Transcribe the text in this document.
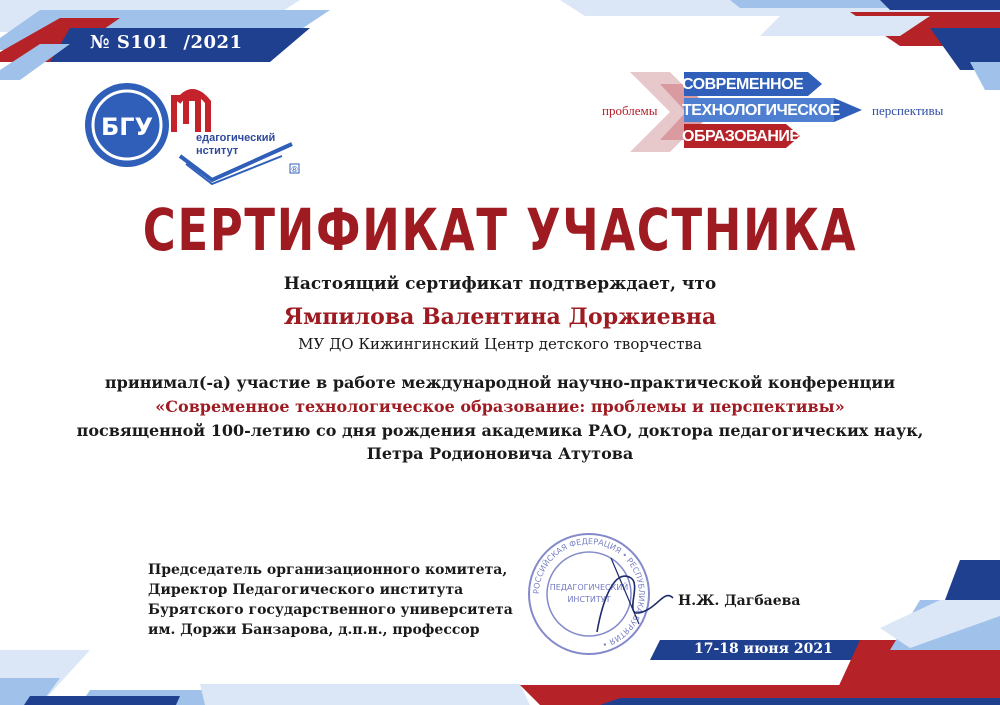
№ S101 /2021
БГУ
®
едагогический
нститут
проблемы	перспективы
СОВРЕМЕННОЕ
ТЕХНОЛОГИЧЕСКОЕ
ОБРАЗОВАНИЕ
СЕРТИФИКАТ УЧАСТНИКА
Настоящий сертификат подтверждает, что
Ямпилова Валентина Доржиевна
МУ ДО Кижингинский Центр детского творчества
принимал(-а) участие в работе международной научно-практической конференции
«Современное технологическое образование: проблемы и перспективы»
посвященной 100-летию со дня рождения академика РАО, доктора педагогических наук,
Петра Родионовича Атутова
Председатель организационного комитета,
Директор Педагогического института
Бурятского государственного университета
им. Доржи Банзарова, д.п.н., профессор
РОССИЙСКАЯ ФЕДЕРАЦИЯ • РЕСПУБЛИКА БУРЯТИЯ •
ПЕДАГОГИЧЕСКИЙ
ИНСТИТУТ	Н.Ж. Дагбаева
17-18 июня 2021
